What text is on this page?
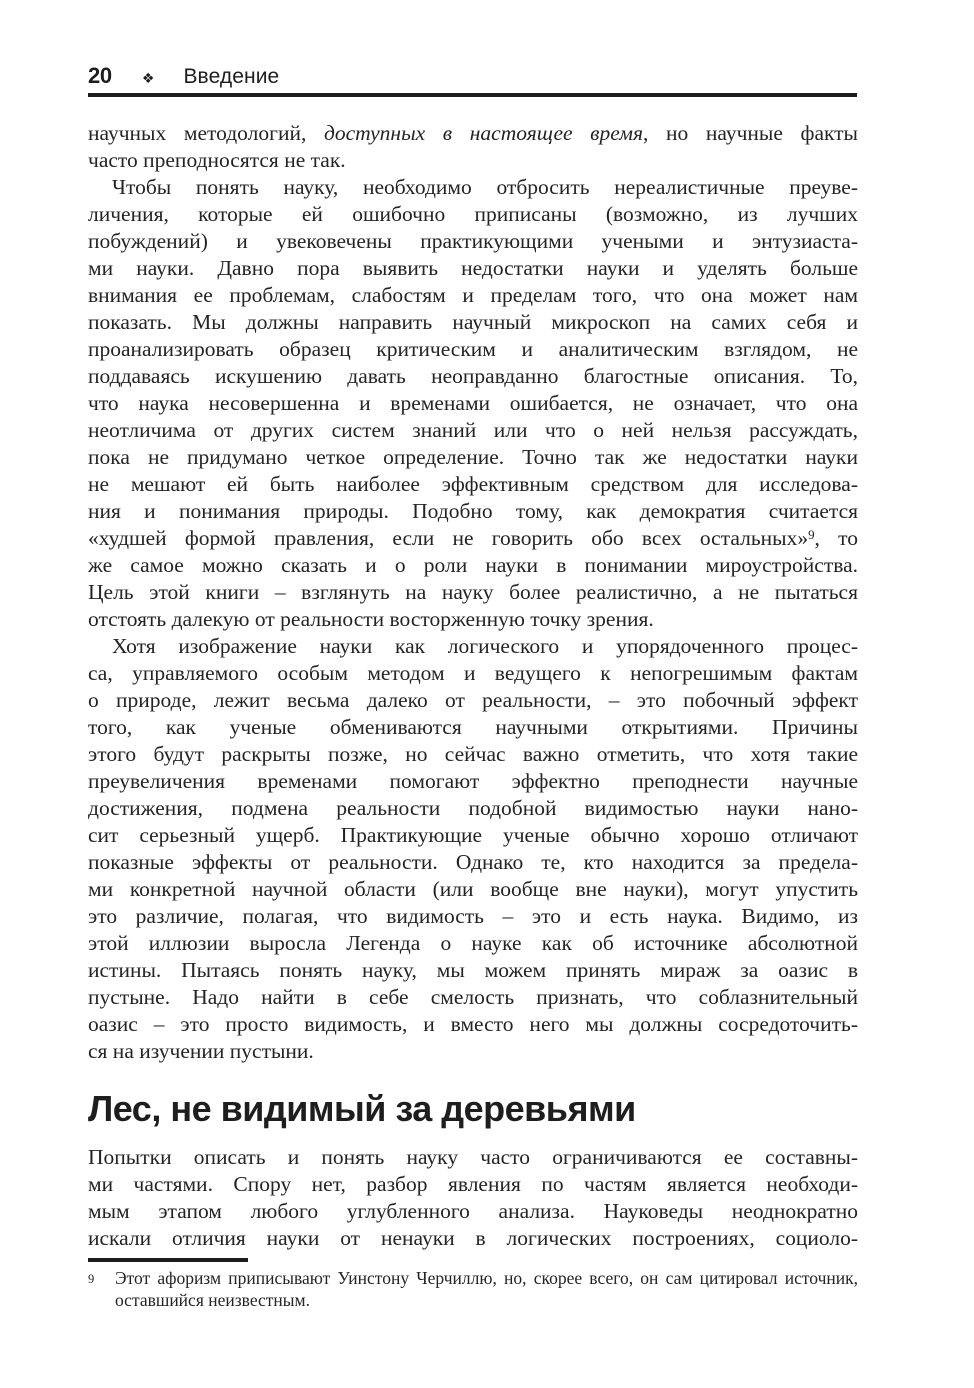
20 ❖ Введение
научных методологий, доступных в настоящее время, но научные факты
часто преподносятся не так.
Чтобы понять науку, необходимо отбросить нереалистичные преуве-
личения, которые ей ошибочно приписаны (возможно, из лучших
побуждений) и увековечены практикующими учеными и энтузиаста-
ми науки. Давно пора выявить недостатки науки и уделять больше
внимания ее проблемам, слабостям и пределам того, что она может нам
показать. Мы должны направить научный микроскоп на самих себя и
проанализировать образец критическим и аналитическим взглядом, не
поддаваясь искушению давать неоправданно благостные описания. То,
что наука несовершенна и временами ошибается, не означает, что она
неотличима от других систем знаний или что о ней нельзя рассуждать,
пока не придумано четкое определение. Точно так же недостатки науки
не мешают ей быть наиболее эффективным средством для исследова-
ния и понимания природы. Подобно тому, как демократия считается
«худшей формой правления, если не говорить обо всех остальных»$^9$, то
же самое можно сказать и о роли науки в понимании мироустройства.
Цель этой книги – взглянуть на науку более реалистично, а не пытаться
отстоять далекую от реальности восторженную точку зрения.
Хотя изображение науки как логического и упорядоченного процес-
са, управляемого особым методом и ведущего к непогрешимым фактам
о природе, лежит весьма далеко от реальности, – это побочный эффект
того, как ученые обмениваются научными открытиями. Причины
этого будут раскрыты позже, но сейчас важно отметить, что хотя такие
преувеличения временами помогают эффектно преподнести научные
достижения, подмена реальности подобной видимостью науки нано-
сит серьезный ущерб. Практикующие ученые обычно хорошо отличают
показные эффекты от реальности. Однако те, кто находится за предела-
ми конкретной научной области (или вообще вне науки), могут упустить
это различие, полагая, что видимость – это и есть наука. Видимо, из
этой иллюзии выросла Легенда о науке как об источнике абсолютной
истины. Пытаясь понять науку, мы можем принять мираж за оазис в
пустыне. Надо найти в себе смелость признать, что соблазнительный
оазис – это просто видимость, и вместо него мы должны сосредоточить-
ся на изучении пустыни.
Лес, не видимый за деревьями
Попытки описать и понять науку часто ограничиваются ее составны-
ми частями. Спору нет, разбор явления по частям является необходи-
мым этапом любого углубленного анализа. Науковеды неоднократно
искали отличия науки от ненауки в логических построениях, социоло-
9	Этот афоризм приписывают Уинстону Черчиллю, но, скорее всего, он сам цитировал источник,
оставшийся неизвестным.
